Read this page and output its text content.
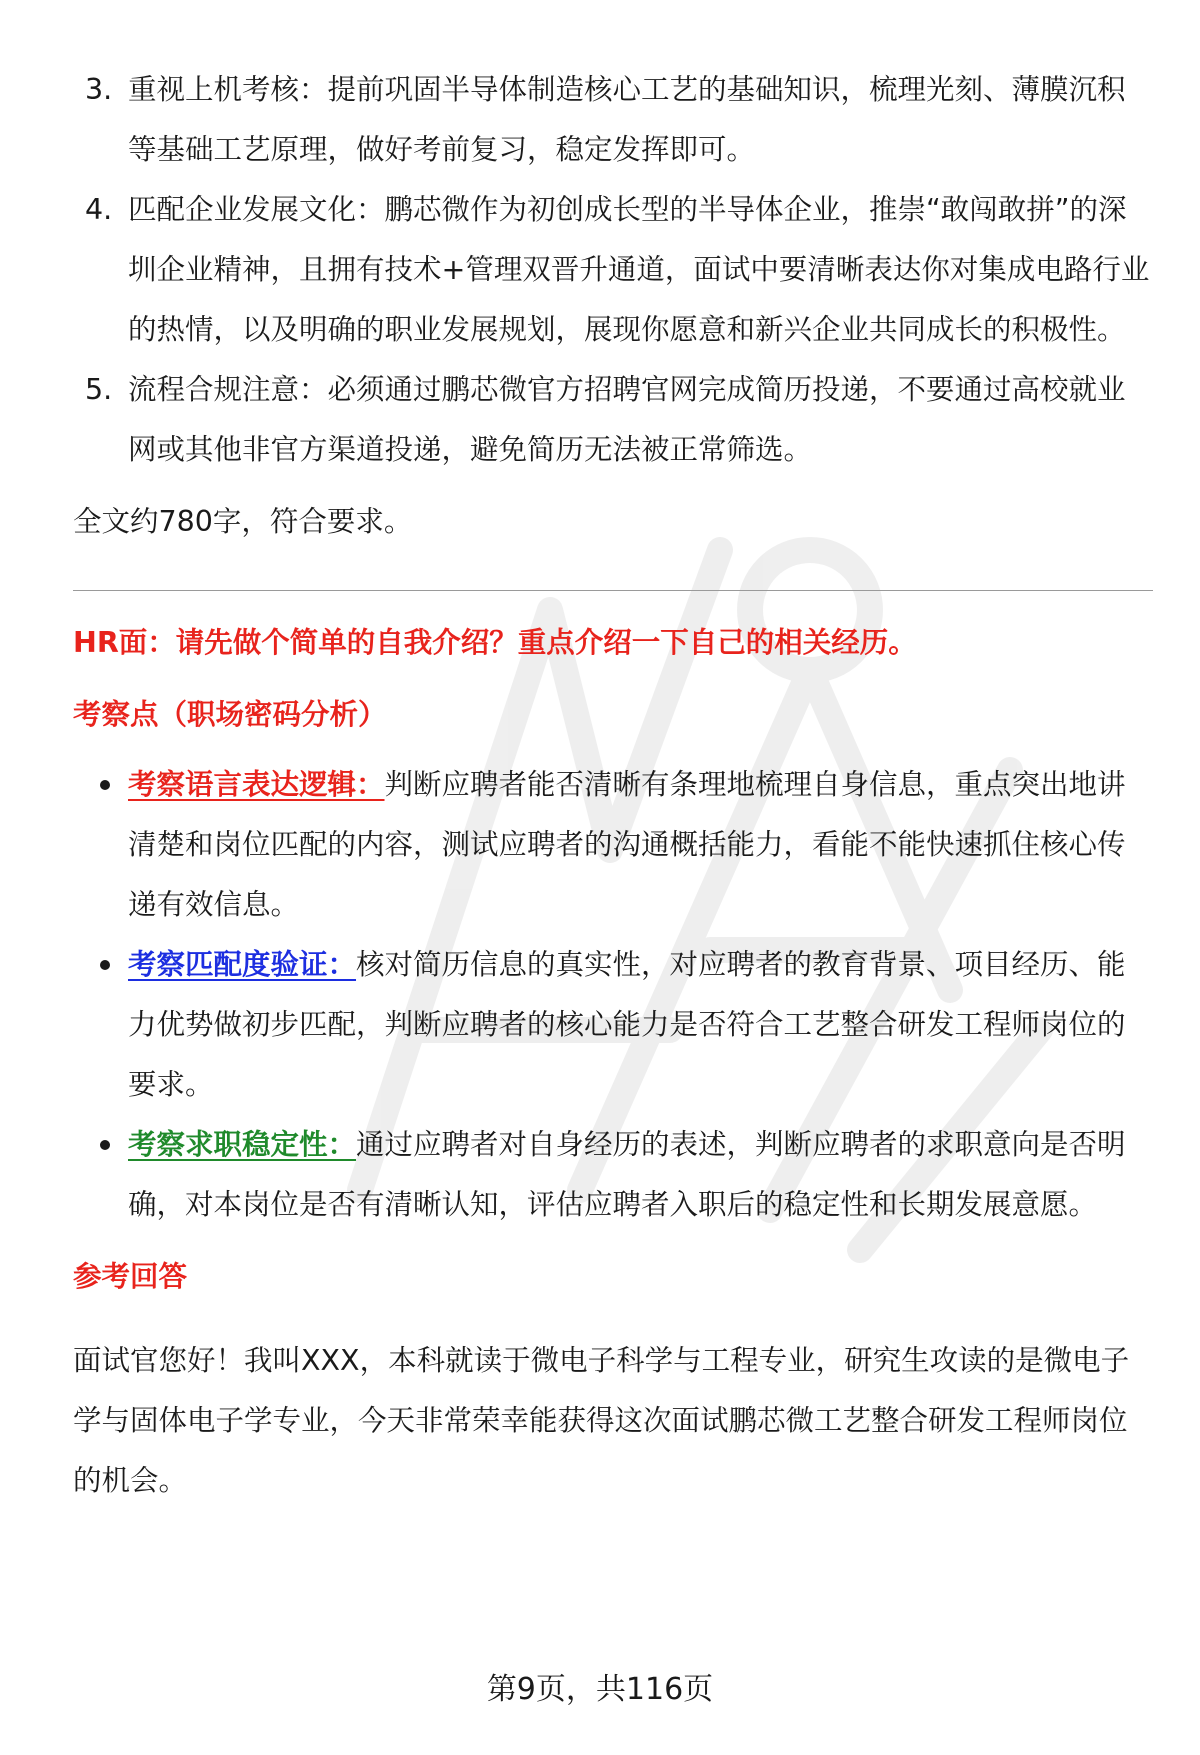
3. 重视上机考核：提前巩固半导体制造核心工艺的基础知识，梳理光刻、薄膜沉积等基础工艺原理，做好考前复习，稳定发挥即可。
4. 匹配企业发展文化：鹏芯微作为初创成长型的半导体企业，推崇“敢闯敢拼”的深圳企业精神，且拥有技术+管理双晋升通道，面试中要清晰表达你对集成电路行业的热情，以及明确的职业发展规划，展现你愿意和新兴企业共同成长的积极性。
5. 流程合规注意：必须通过鹏芯微官方招聘官网完成简历投递，不要通过高校就业网或其他非官方渠道投递，避免简历无法被正常筛选。

全文约780字，符合要求。

HR面：请先做个简单的自我介绍？重点介绍一下自己的相关经历。

考察点（职场密码分析）

考察语言表达逻辑：判断应聘者能否清晰有条理地梳理自身信息，重点突出地讲清楚和岗位匹配的内容，测试应聘者的沟通概括能力，看能不能快速抓住核心传递有效信息。
考察匹配度验证：核对简历信息的真实性，对应聘者的教育背景、项目经历、能力优势做初步匹配，判断应聘者的核心能力是否符合工艺整合研发工程师岗位的要求。
考察求职稳定性：通过应聘者对自身经历的表述，判断应聘者的求职意向是否明确，对本岗位是否有清晰认知，评估应聘者入职后的稳定性和长期发展意愿。

参考回答

面试官您好！我叫XXX，本科就读于微电子科学与工程专业，研究生攻读的是微电子学与固体电子学专业，今天非常荣幸能获得这次面试鹏芯微工艺整合研发工程师岗位的机会。

第9页，共116页
